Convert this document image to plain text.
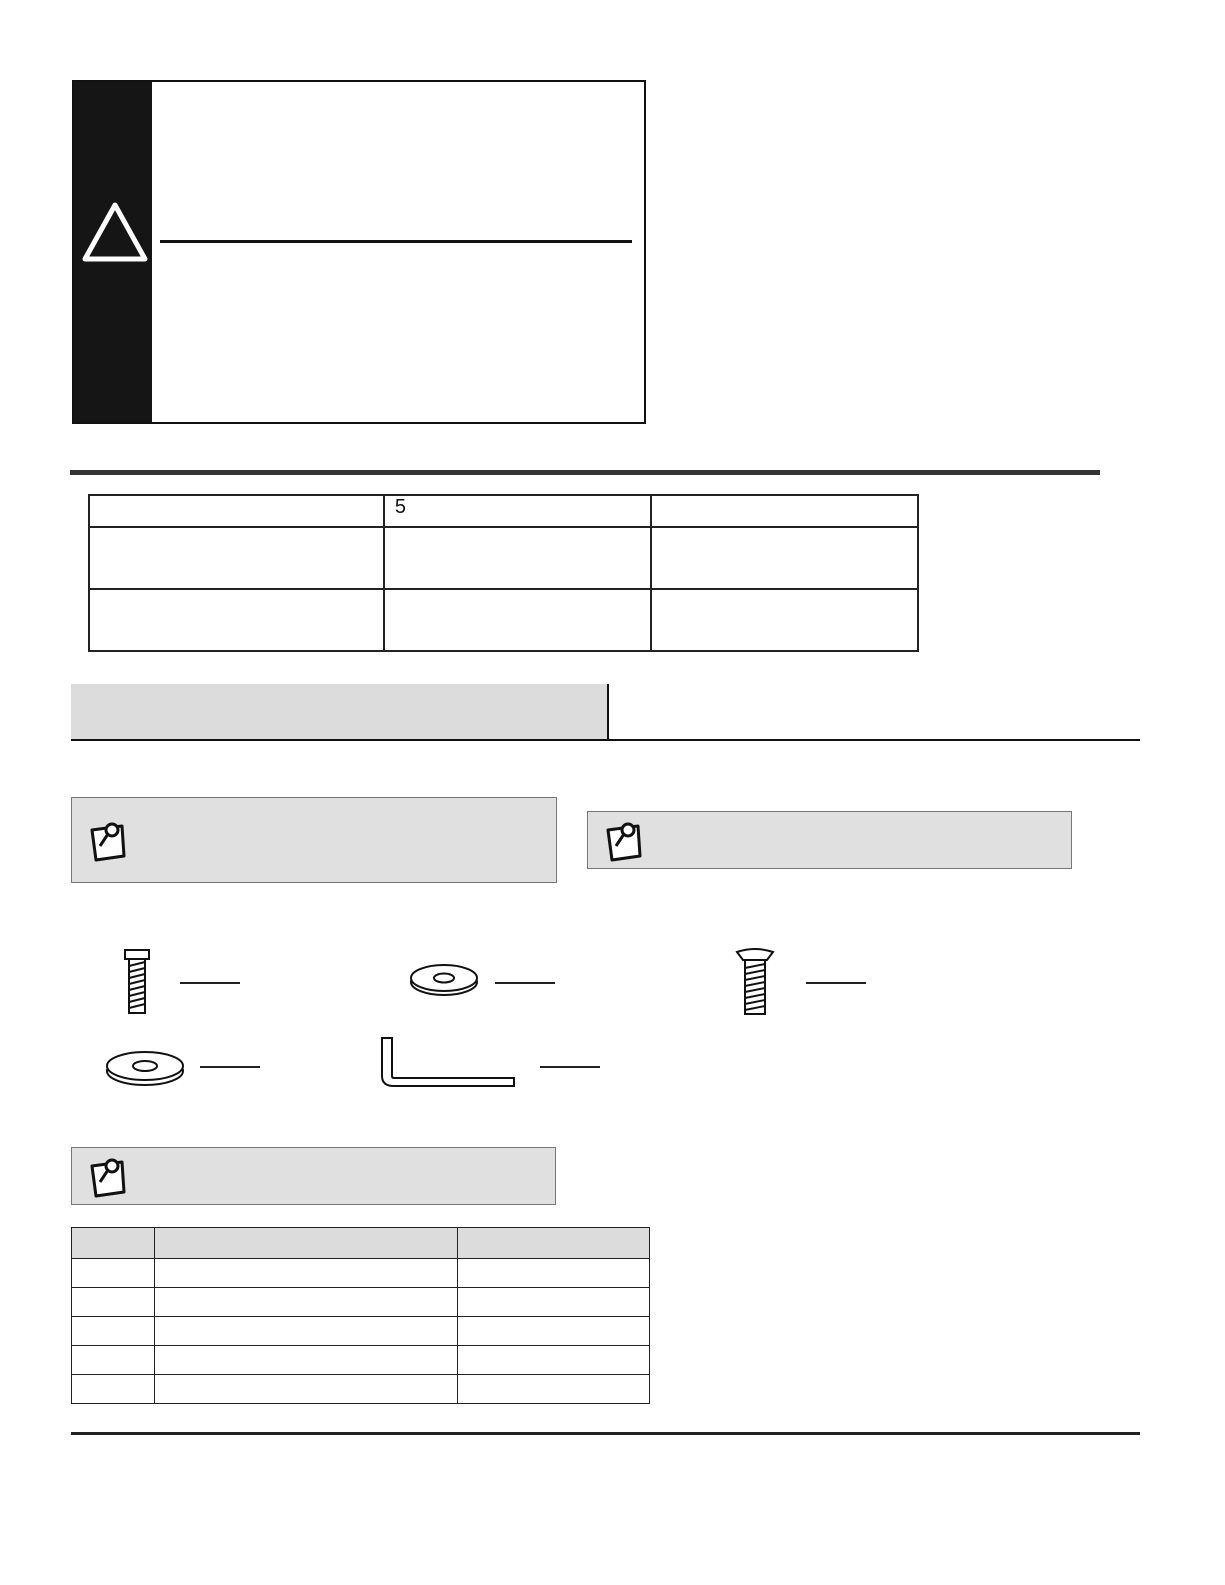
	5	
